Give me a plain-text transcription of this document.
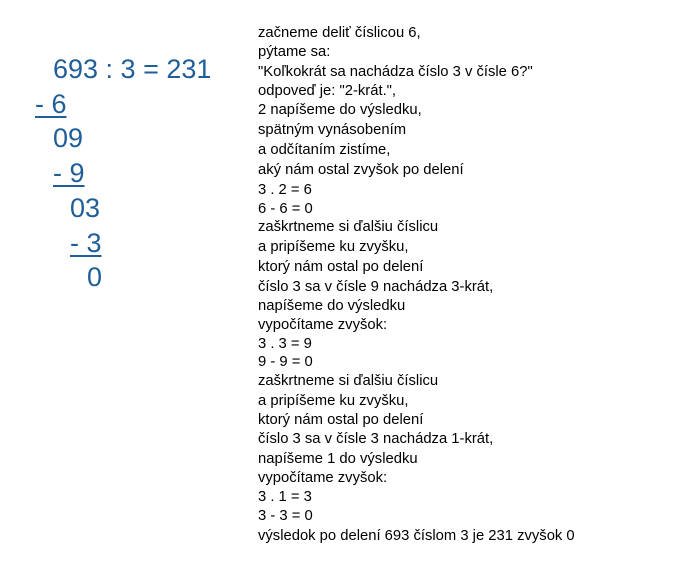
693 : 3 = 231
- 6
09
- 9
03
- 3
0
začneme deliť číslicou 6,
pýtame sa:
"Koľkokrát sa nachádza číslo 3 v čísle 6?"
odpoveď je: "2-krát.",
2 napíšeme do výsledku,
spätným vynásobením
a odčítaním zistíme,
aký nám ostal zvyšok po delení
3 . 2 = 6
6 - 6 = 0
zaškrtneme si ďalšiu číslicu
a pripíšeme ku zvyšku,
ktorý nám ostal po delení
číslo 3 sa v čísle 9 nachádza 3-krát,
napíšeme do výsledku
vypočítame zvyšok:
3 . 3 = 9
9 - 9 = 0
zaškrtneme si ďalšiu číslicu
a pripíšeme ku zvyšku,
ktorý nám ostal po delení
číslo 3 sa v čísle 3 nachádza 1-krát,
napíšeme 1 do výsledku
vypočítame zvyšok:
3 . 1 = 3
3 - 3 = 0
výsledok po delení 693 číslom 3 je 231 zvyšok 0
